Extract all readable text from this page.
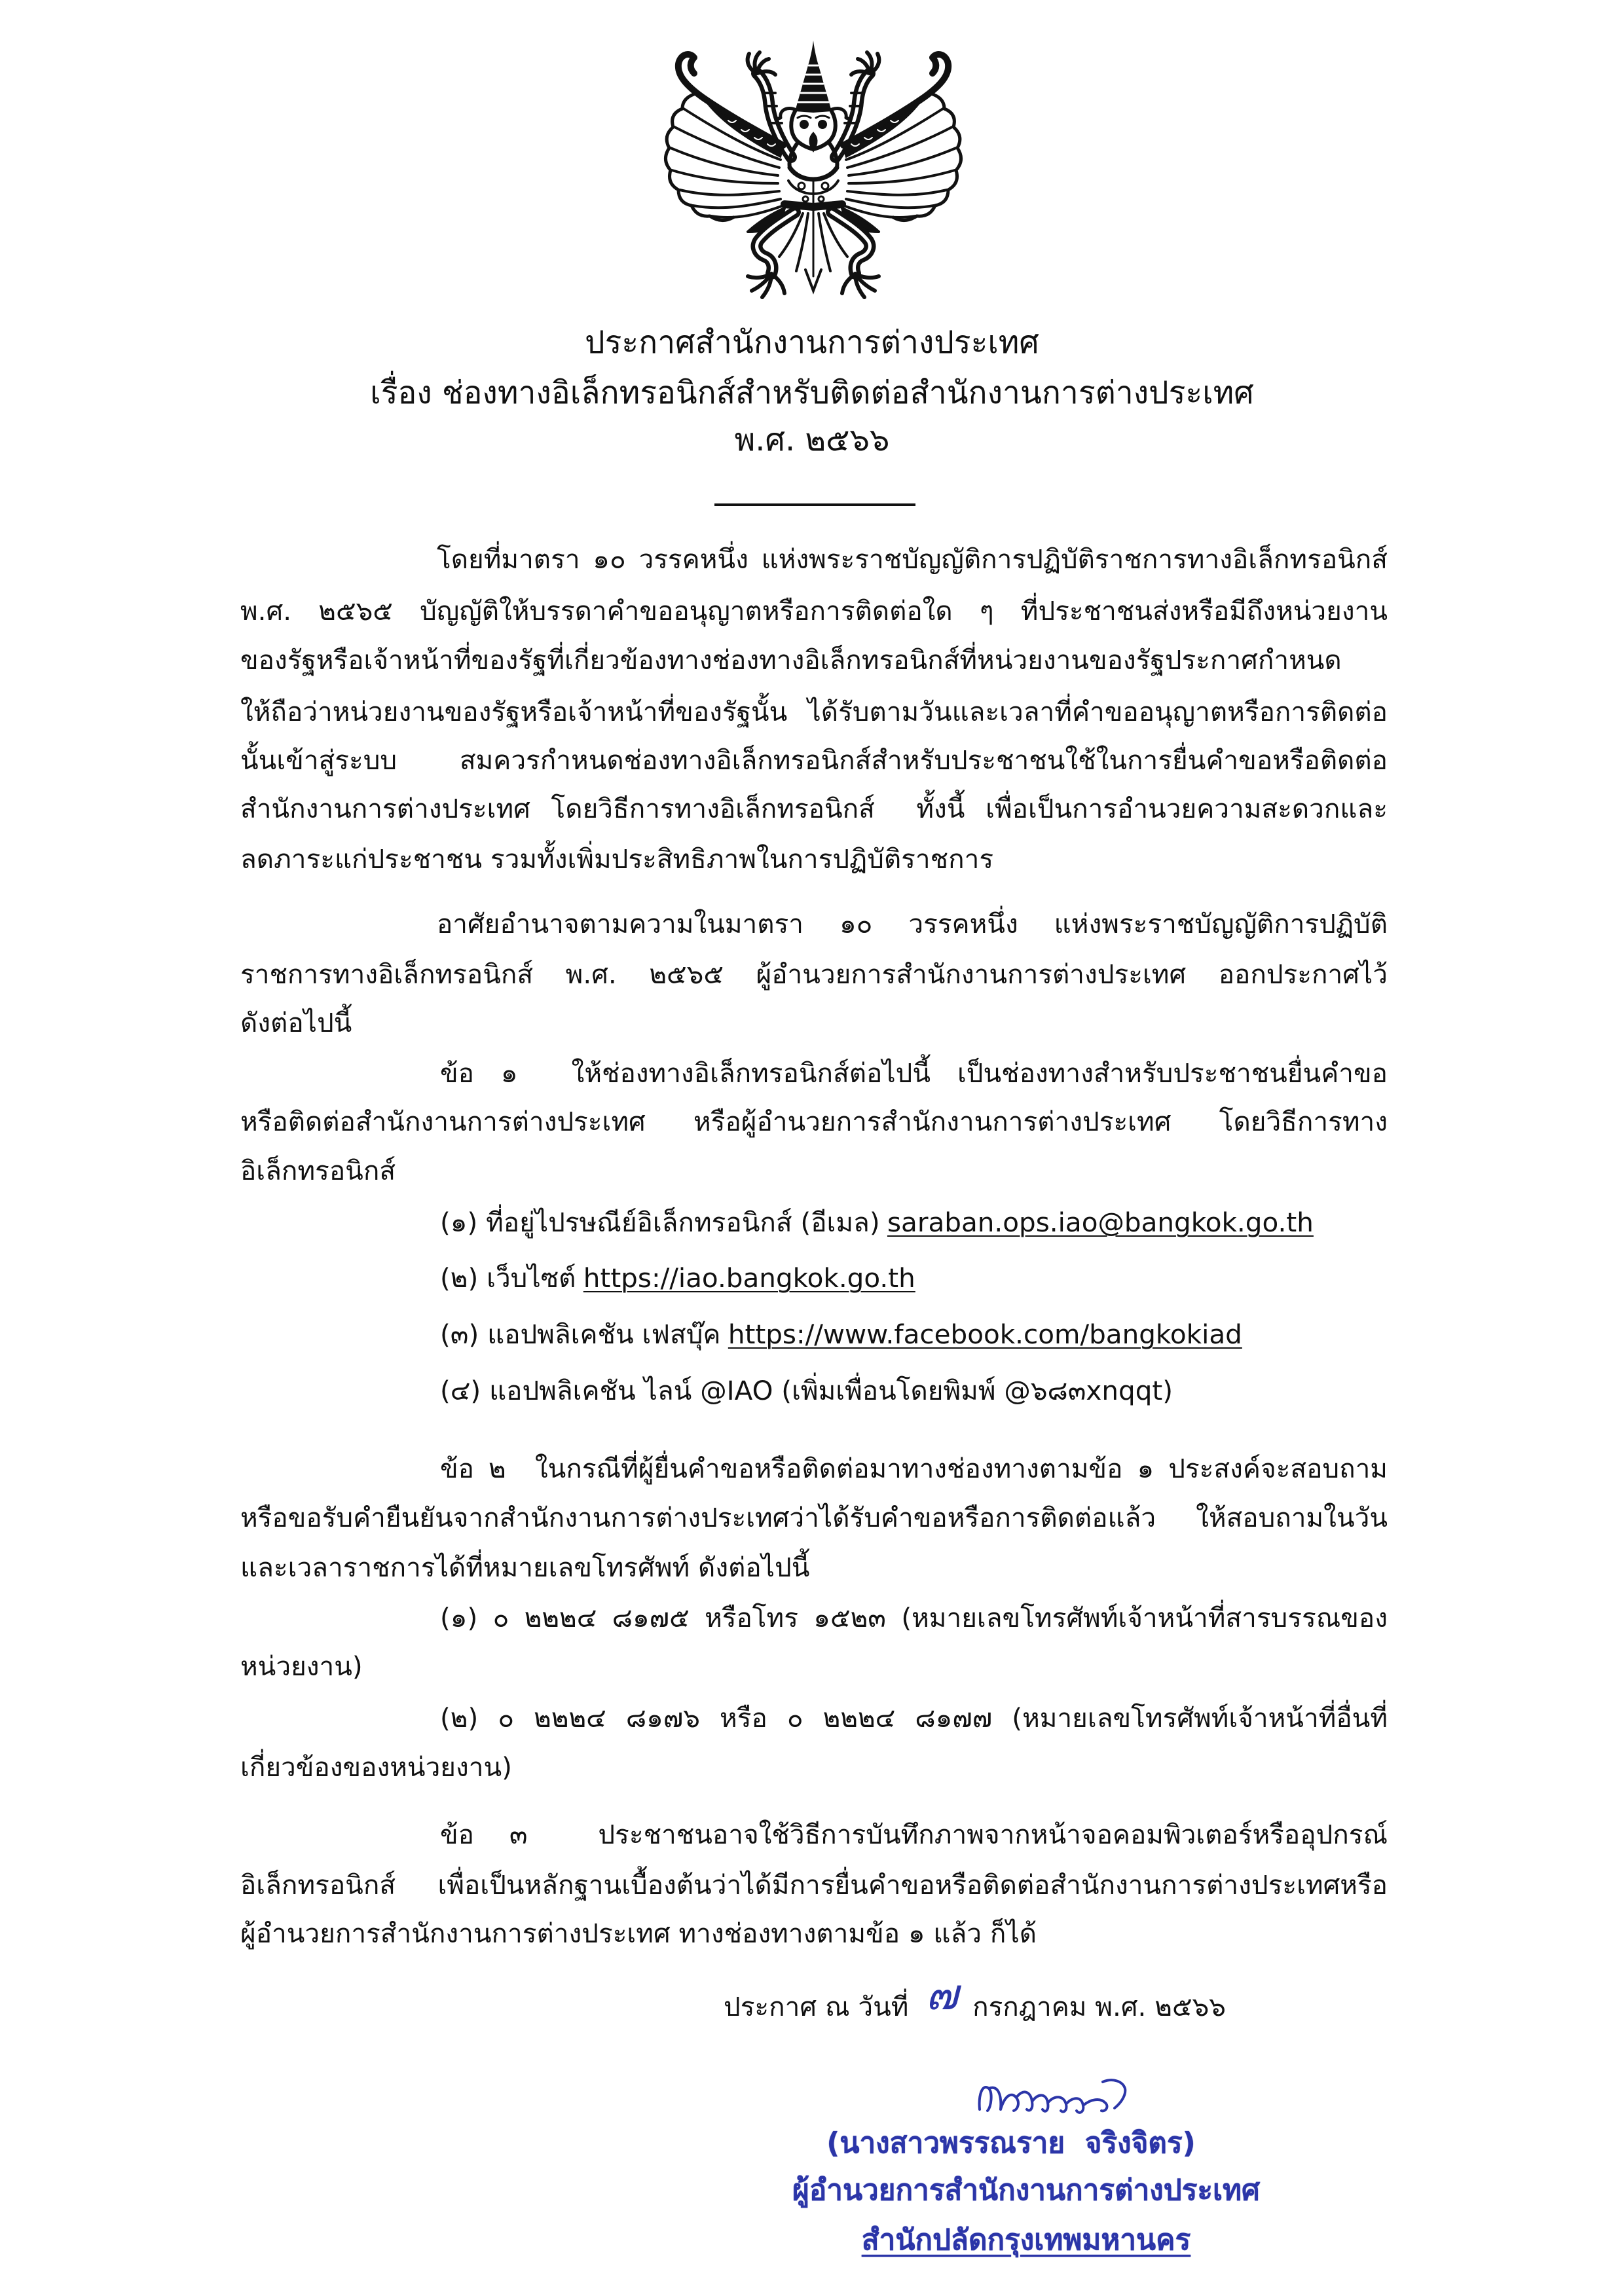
ประกาศสำนักงานการต่างประเทศ
เรื่อง ช่องทางอิเล็กทรอนิกส์สำหรับติดต่อสำนักงานการต่างประเทศ
พ.ศ. ๒๕๖๖
โดยที่มาตรา ๑๐ วรรคหนึ่ง แห่งพระราชบัญญัติการปฏิบัติราชการทางอิเล็กทรอนิกส์
พ.ศ. ๒๕๖๕ บัญญัติให้บรรดาคำขออนุญาตหรือการติดต่อใด ๆ ที่ประชาชนส่งหรือมีถึงหน่วยงาน
ของรัฐหรือเจ้าหน้าที่ของรัฐที่เกี่ยวข้องทางช่องทางอิเล็กทรอนิกส์ที่หน่วยงานของรัฐประกาศกำหนด
ให้ถือว่าหน่วยงานของรัฐหรือเจ้าหน้าที่ของรัฐนั้น ได้รับตามวันและเวลาที่คำขออนุญาตหรือการติดต่อ
นั้นเข้าสู่ระบบ  สมควรกำหนดช่องทางอิเล็กทรอนิกส์สำหรับประชาชนใช้ในการยื่นคำขอหรือติดต่อ
สำนักงานการต่างประเทศ โดยวิธีการทางอิเล็กทรอนิกส์  ทั้งนี้ เพื่อเป็นการอำนวยความสะดวกและ
ลดภาระแก่ประชาชน รวมทั้งเพิ่มประสิทธิภาพในการปฏิบัติราชการ
อาศัยอำนาจตามความในมาตรา ๑๐ วรรคหนึ่ง แห่งพระราชบัญญัติการปฏิบัติ
ราชการทางอิเล็กทรอนิกส์ พ.ศ. ๒๕๖๕ ผู้อำนวยการสำนักงานการต่างประเทศ ออกประกาศไว้
ดังต่อไปนี้
ข้อ ๑  ให้ช่องทางอิเล็กทรอนิกส์ต่อไปนี้ เป็นช่องทางสำหรับประชาชนยื่นคำขอ
หรือติดต่อสำนักงานการต่างประเทศ หรือผู้อำนวยการสำนักงานการต่างประเทศ โดยวิธีการทาง
อิเล็กทรอนิกส์
(๑) ที่อยู่ไปรษณีย์อิเล็กทรอนิกส์ (อีเมล) saraban.ops.iao@bangkok.go.th
(๒) เว็บไซต์ https://iao.bangkok.go.th
(๓) แอปพลิเคชัน เฟสบุ๊ค https://www.facebook.com/bangkokiad
(๔) แอปพลิเคชัน ไลน์ @IAO (เพิ่มเพื่อนโดยพิมพ์ @๖๘๓xnqqt)
ข้อ ๒  ในกรณีที่ผู้ยื่นคำขอหรือติดต่อมาทางช่องทางตามข้อ ๑ ประสงค์จะสอบถาม
หรือขอรับคำยืนยันจากสำนักงานการต่างประเทศว่าได้รับคำขอหรือการติดต่อแล้ว ให้สอบถามในวัน
และเวลาราชการได้ที่หมายเลขโทรศัพท์ ดังต่อไปนี้
(๑) ๐ ๒๒๒๔ ๘๑๗๕ หรือโทร ๑๕๒๓ (หมายเลขโทรศัพท์เจ้าหน้าที่สารบรรณของ
หน่วยงาน)
(๒) ๐ ๒๒๒๔ ๘๑๗๖ หรือ ๐ ๒๒๒๔ ๘๑๗๗ (หมายเลขโทรศัพท์เจ้าหน้าที่อื่นที่
เกี่ยวข้องของหน่วยงาน)
ข้อ ๓  ประชาชนอาจใช้วิธีการบันทึกภาพจากหน้าจอคอมพิวเตอร์หรืออุปกรณ์
อิเล็กทรอนิกส์ เพื่อเป็นหลักฐานเบื้องต้นว่าได้มีการยื่นคำขอหรือติดต่อสำนักงานการต่างประเทศหรือ
ผู้อำนวยการสำนักงานการต่างประเทศ ทางช่องทางตามข้อ ๑ แล้ว ก็ได้
ประกาศ ณ วันที่ ๗ กรกฎาคม พ.ศ. ๒๕๖๖
(นางสาวพรรณราย  จริงจิตร)
ผู้อำนวยการสำนักงานการต่างประเทศ
สำนักปลัดกรุงเทพมหานคร
